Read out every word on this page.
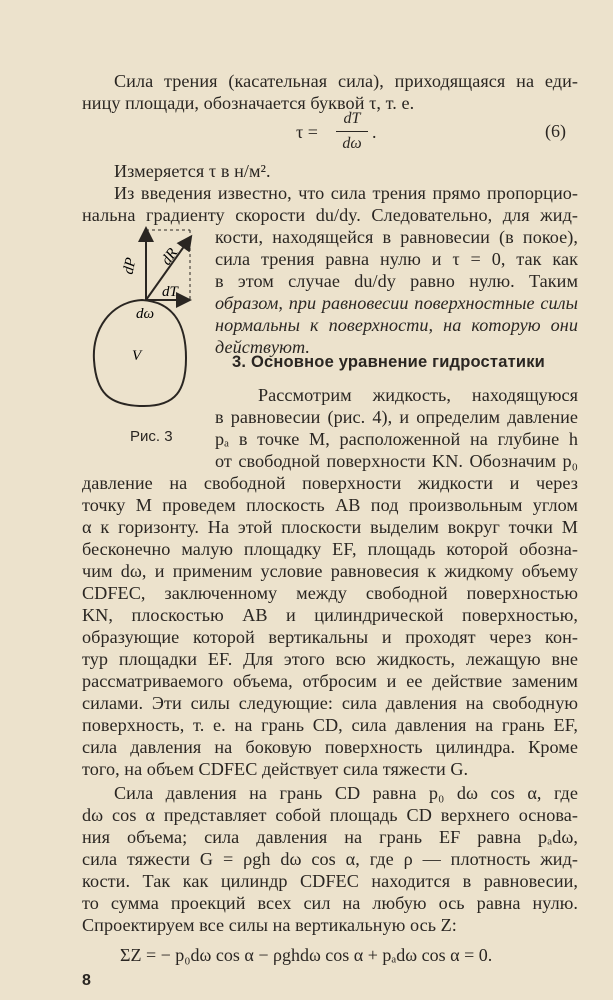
Сила трения (касательная сила), приходящаяся на еди-
ницу площади, обозначается буквой τ, т. е.
τ =
dT
dω
.	(6)
Измеряется τ в н/м².
Из введения известно, что сила трения прямо пропорцио-
нальна градиенту скорости du/dy. Следовательно, для жид-
кости, находящейся в равновесии (в покое),
сила трения равна нулю и τ = 0, так как
в этом случае du/dy равно нулю. Таким
образом, при равновесии поверхностные силы
нормальны к поверхности, на которую они
действуют.
dP dR
dT
dω
V
Рис. 3
3. Основное уравнение гидростатики
Рассмотрим жидкость, находящуюся
в равновесии (рис. 4), и определим давление
pₐ в точке M, расположенной на глубине h
от свободной поверхности KN. Обозначим p₀
давление на свободной поверхности жидкости и через
точку M проведем плоскость AB под произвольным углом
α к горизонту. На этой плоскости выделим вокруг точки M
бесконечно малую площадку EF, площадь которой обозна-
чим dω, и применим условие равновесия к жидкому объему
CDFEC, заключенному между свободной поверхностью
KN, плоскостью AB и цилиндрической поверхностью,
образующие которой вертикальны и проходят через кон-
тур площадки EF. Для этого всю жидкость, лежащую вне
рассматриваемого объема, отбросим и ее действие заменим
силами. Эти силы следующие: сила давления на свободную
поверхность, т. е. на грань CD, сила давления на грань EF,
сила давления на боковую поверхность цилиндра. Кроме
того, на объем CDFEC действует сила тяжести G.
Сила давления на грань CD равна p₀ dω cos α, где
dω cos α представляет собой площадь CD верхнего основа-
ния объема; сила давления на грань EF равна pₐdω,
сила тяжести G = ρgh dω cos α, где ρ — плотность жид-
кости. Так как цилиндр CDFEC находится в равновесии,
то сумма проекций всех сил на любую ось равна нулю.
Спроектируем все силы на вертикальную ось Z:
ΣZ = − p₀dω cos α − ρghdω cos α + pₐdω cos α = 0.
8
